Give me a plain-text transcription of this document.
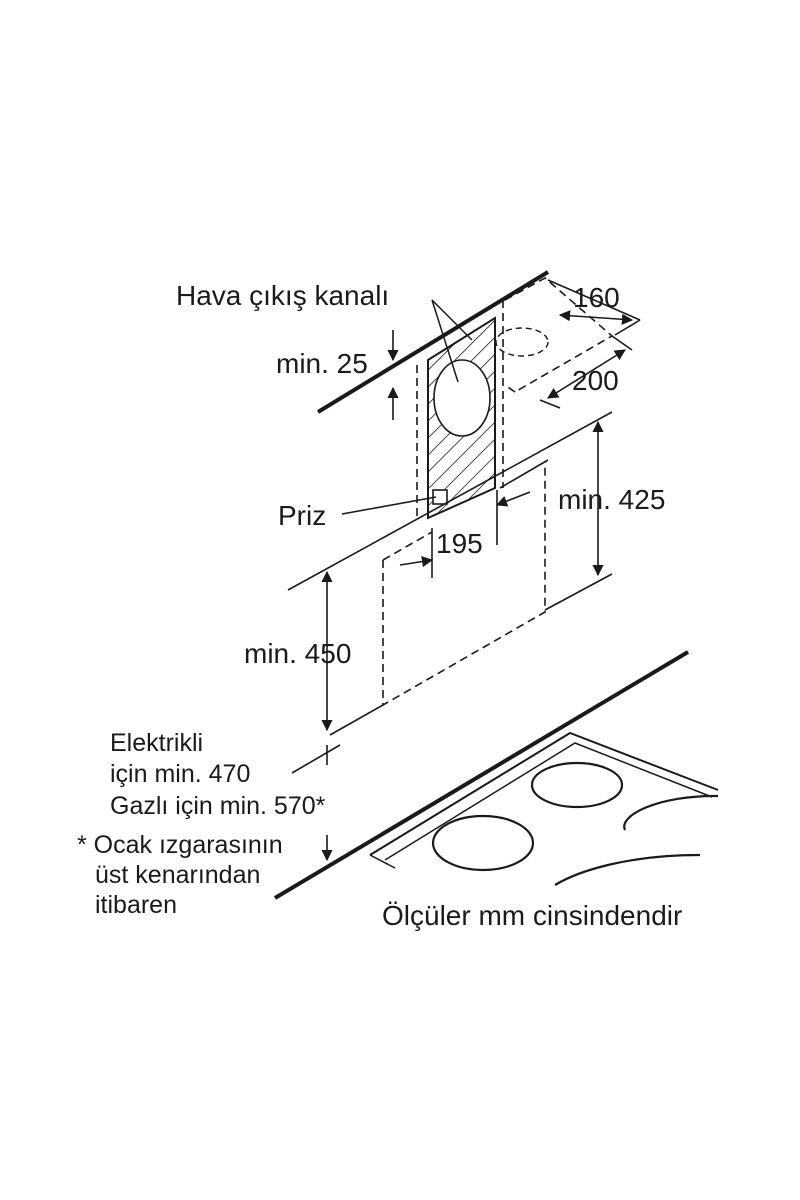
Hava çıkış kanalı
min. 25
160
200
Priz
min. 425
195
min. 450
Elektrikli
için min. 470
Gazlı için min. 570*
* Ocak ızgarasının
üst kenarından
itibaren	Ölçüler mm cinsindendir
